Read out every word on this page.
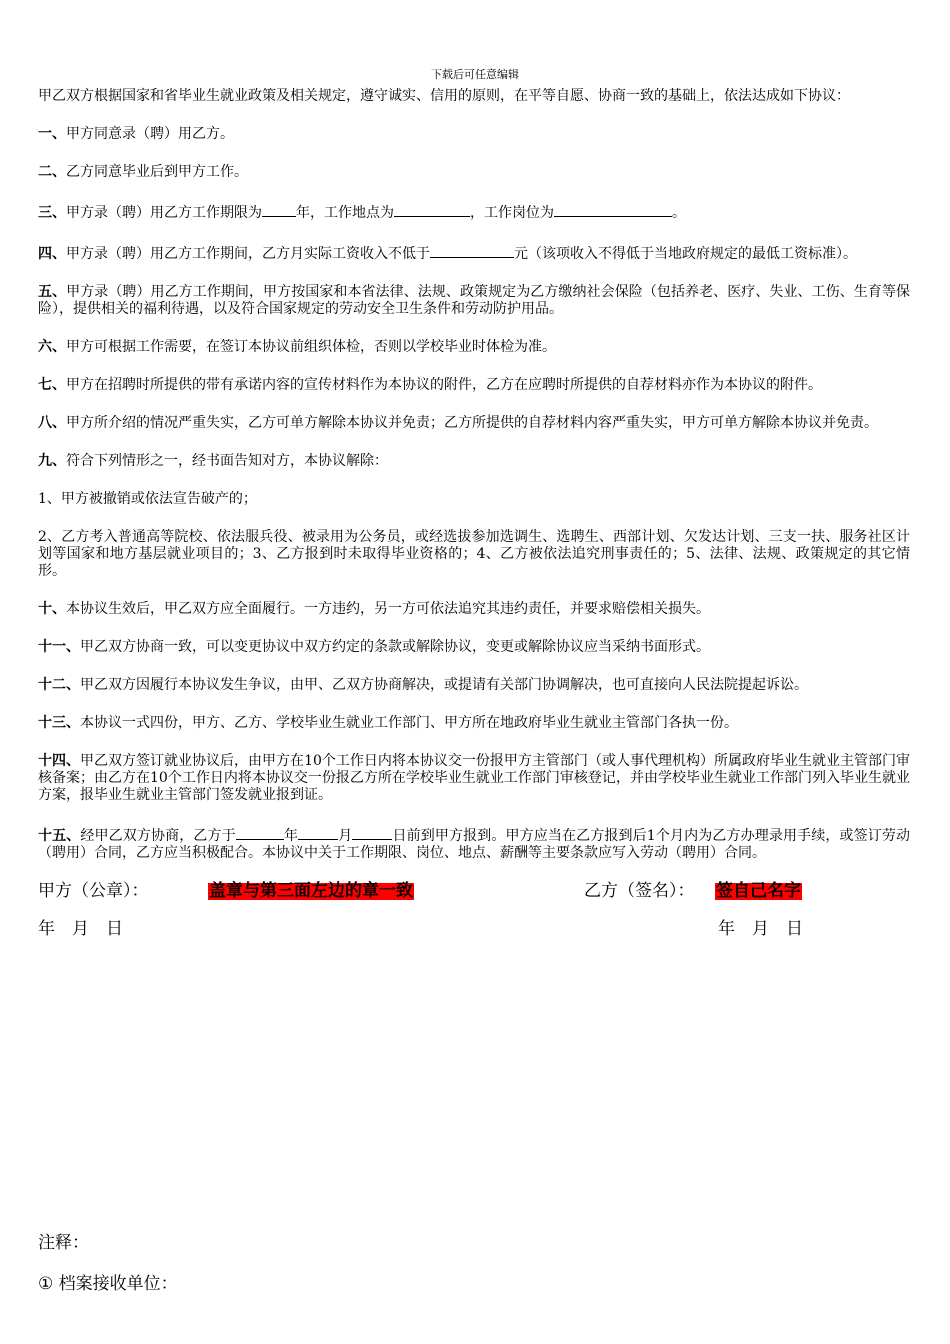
下载后可任意编辑

甲乙双方根据国家和省毕业生就业政策及相关规定，遵守诚实、信用的原则，在平等自愿、协商一致的基础上，依法达成如下协议：

一、甲方同意录（聘）用乙方。

二、乙方同意毕业后到甲方工作。

三、甲方录（聘）用乙方工作期限为 年，工作地点为	，工作岗位为	。

四、甲方录（聘）用乙方工作期间，乙方月实际工资收入不低于	元（该项收入不得低于当地政府规定的最低工资标准）。

五、甲方录（聘）用乙方工作期间，甲方按国家和本省法律、法规、政策规定为乙方缴纳社会保险（包括养老、医疗、失业、工伤、生育等保险），提供相关的福利待遇，以及符合国家规定的劳动安全卫生条件和劳动防护用品。

六、甲方可根据工作需要，在签订本协议前组织体检，否则以学校毕业时体检为准。

七、甲方在招聘时所提供的带有承诺内容的宣传材料作为本协议的附件，乙方在应聘时所提供的自荐材料亦作为本协议的附件。

八、甲方所介绍的情况严重失实，乙方可单方解除本协议并免责；乙方所提供的自荐材料内容严重失实，甲方可单方解除本协议并免责。

九、符合下列情形之一，经书面告知对方，本协议解除：

1、甲方被撤销或依法宣告破产的；

2、乙方考入普通高等院校、依法服兵役、被录用为公务员，或经选拔参加选调生、选聘生、西部计划、欠发达计划、三支一扶、服务社区计划等国家和地方基层就业项目的；3、乙方报到时未取得毕业资格的；4、乙方被依法追究刑事责任的；5、法律、法规、政策规定的其它情形。

十、本协议生效后，甲乙双方应全面履行。一方违约，另一方可依法追究其违约责任，并要求赔偿相关损失。

十一、甲乙双方协商一致，可以变更协议中双方约定的条款或解除协议，变更或解除协议应当采纳书面形式。

十二、甲乙双方因履行本协议发生争议，由甲、乙双方协商解决，或提请有关部门协调解决，也可直接向人民法院提起诉讼。

十三、本协议一式四份，甲方、乙方、学校毕业生就业工作部门、甲方所在地政府毕业生就业主管部门各执一份。

十四、甲乙双方签订就业协议后，由甲方在10个工作日内将本协议交一份报甲方主管部门（或人事代理机构）所属政府毕业生就业主管部门审核备案；由乙方在10个工作日内将本协议交一份报乙方所在学校毕业生就业工作部门审核登记，并由学校毕业生就业工作部门列入毕业生就业方案，报毕业生就业主管部门签发就业报到证。

十五、经甲乙双方协商，乙方于	年	月	日前到甲方报到。甲方应当在乙方报到后1个月内为乙方办理录用手续，或签订劳动（聘用）合同，乙方应当积极配合。本协议中关于工作期限、岗位、地点、薪酬等主要条款应写入劳动（聘用）合同。

甲方（公章）：	盖章与第三面左边的章一致	乙方（签名）： 签自己名字
年　月　日	年　月　日
注释：
① 档案接收单位：
